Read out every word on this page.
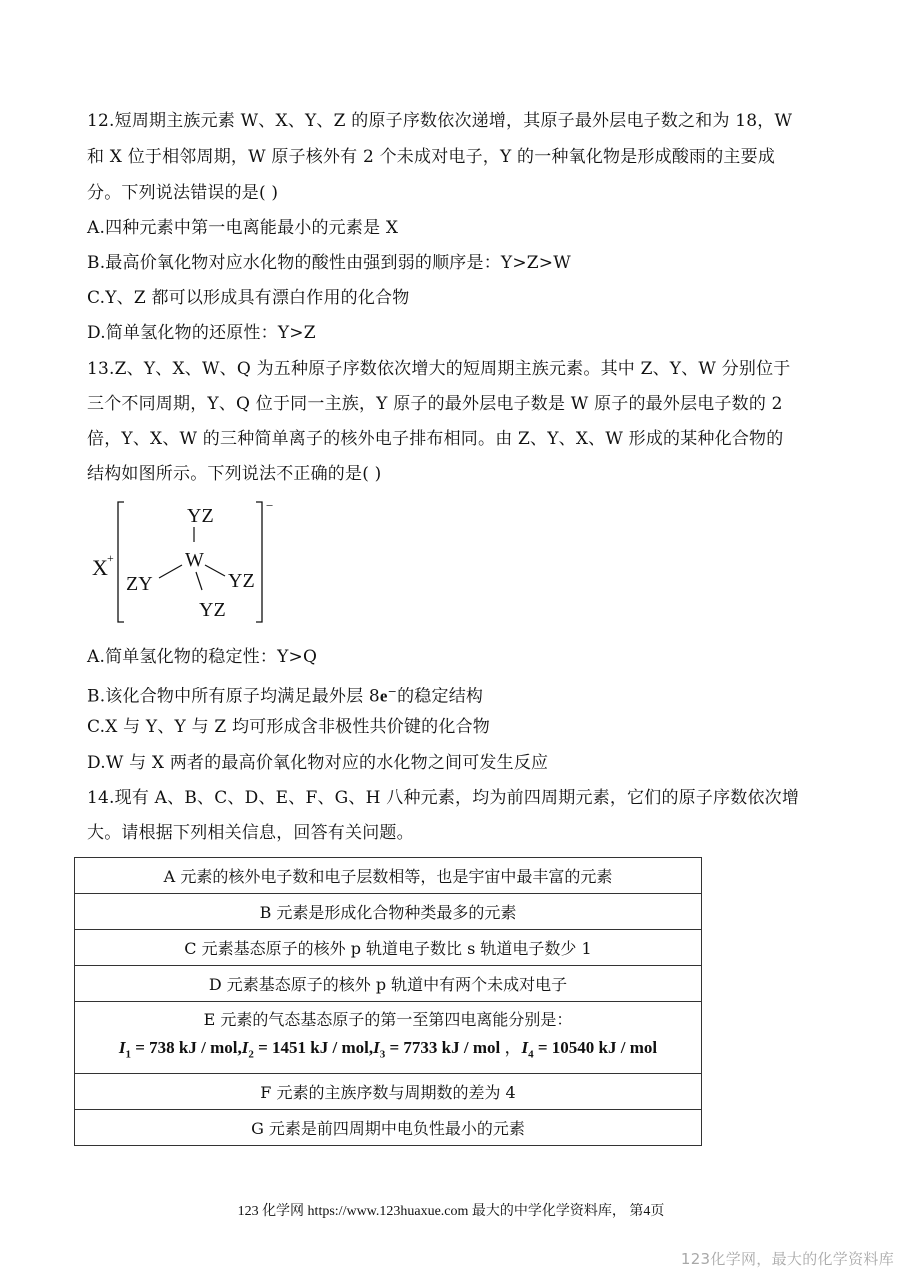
12.短周期主族元素 W、X、Y、Z 的原子序数依次递增，其原子最外层电子数之和为 18，W
和 X 位于相邻周期，W 原子核外有 2 个未成对电子，Y 的一种氧化物是形成酸雨的主要成
分。下列说法错误的是( )
A.四种元素中第一电离能最小的元素是 X
B.最高价氧化物对应水化物的酸性由强到弱的顺序是：Y>Z>W
C.Y、Z 都可以形成具有漂白作用的化合物
D.简单氢化物的还原性：Y>Z
13.Z、Y、X、W、Q 为五种原子序数依次增大的短周期主族元素。其中 Z、Y、W 分别位于
三个不同周期，Y、Q 位于同一主族，Y 原子的最外层电子数是 W 原子的最外层电子数的 2
倍，Y、X、W 的三种简单离子的核外电子排布相同。由 Z、Y、X、W 形成的某种化合物的
结构如图所示。下列说法不正确的是( )
X +
−
YZ
W
ZY	YZ
YZ
A.简单氢化物的稳定性：Y>Q
B.该化合物中所有原子均满足最外层 8e−的稳定结构
C.X 与 Y、Y 与 Z 均可形成含非极性共价键的化合物
D.W 与 X 两者的最高价氧化物对应的水化物之间可发生反应
14.现有 A、B、C、D、E、F、G、H 八种元素，均为前四周期元素，它们的原子序数依次增
大。请根据下列相关信息，回答有关问题。
A 元素的核外电子数和电子层数相等，也是宇宙中最丰富的元素
B 元素是形成化合物种类最多的元素
C 元素基态原子的核外 p 轨道电子数比 s 轨道电子数少 1
D 元素基态原子的核外 p 轨道中有两个未成对电子

E 元素的气态基态原子的第一至第四电离能分别是：
$I_1 = 738$ kJ / $mol,I_2 = 1451$ kJ / $mol,I_3 = 7733$ kJ / mol ，$I_4 = 10540$ kJ / mol

F 元素的主族序数与周期数的差为 4
G 元素是前四周期中电负性最小的元素
123 化学网 https://www.123huaxue.com 最大的中学化学资料库， 第4页
123化学网，最大的化学资料库
